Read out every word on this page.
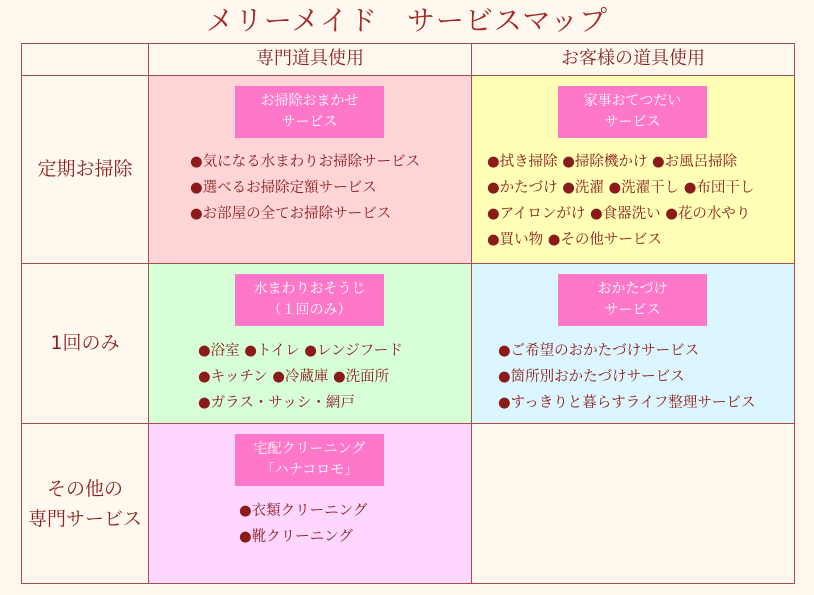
メリーメイド　サービスマップ
専門道具使用	お客様の道具使用
定期お掃除
1回のみ
その他の
専門サービス
お掃除おまかせ
サービス
●気になる水まわりお掃除サービス
●選べるお掃除定額サービス
●お部屋の全てお掃除サービス
家事おてつだい
サービス
●拭き掃除 ●掃除機かけ ●お風呂掃除
●かたづけ ●洗濯 ●洗濯干し ●布団干し
●アイロンがけ ●食器洗い ●花の水やり
●買い物 ●その他サービス
水まわりおそうじ
（１回のみ）
●浴室 ●トイレ ●レンジフード
●キッチン ●冷蔵庫 ●洗面所
●ガラス・サッシ・網戸
おかたづけ
サービス
●ご希望のおかたづけサービス
●箇所別おかたづけサービス
●すっきりと暮らすライフ整理サービス
宅配クリーニング
「ハナコロモ」
●衣類クリーニング
●靴クリーニング
